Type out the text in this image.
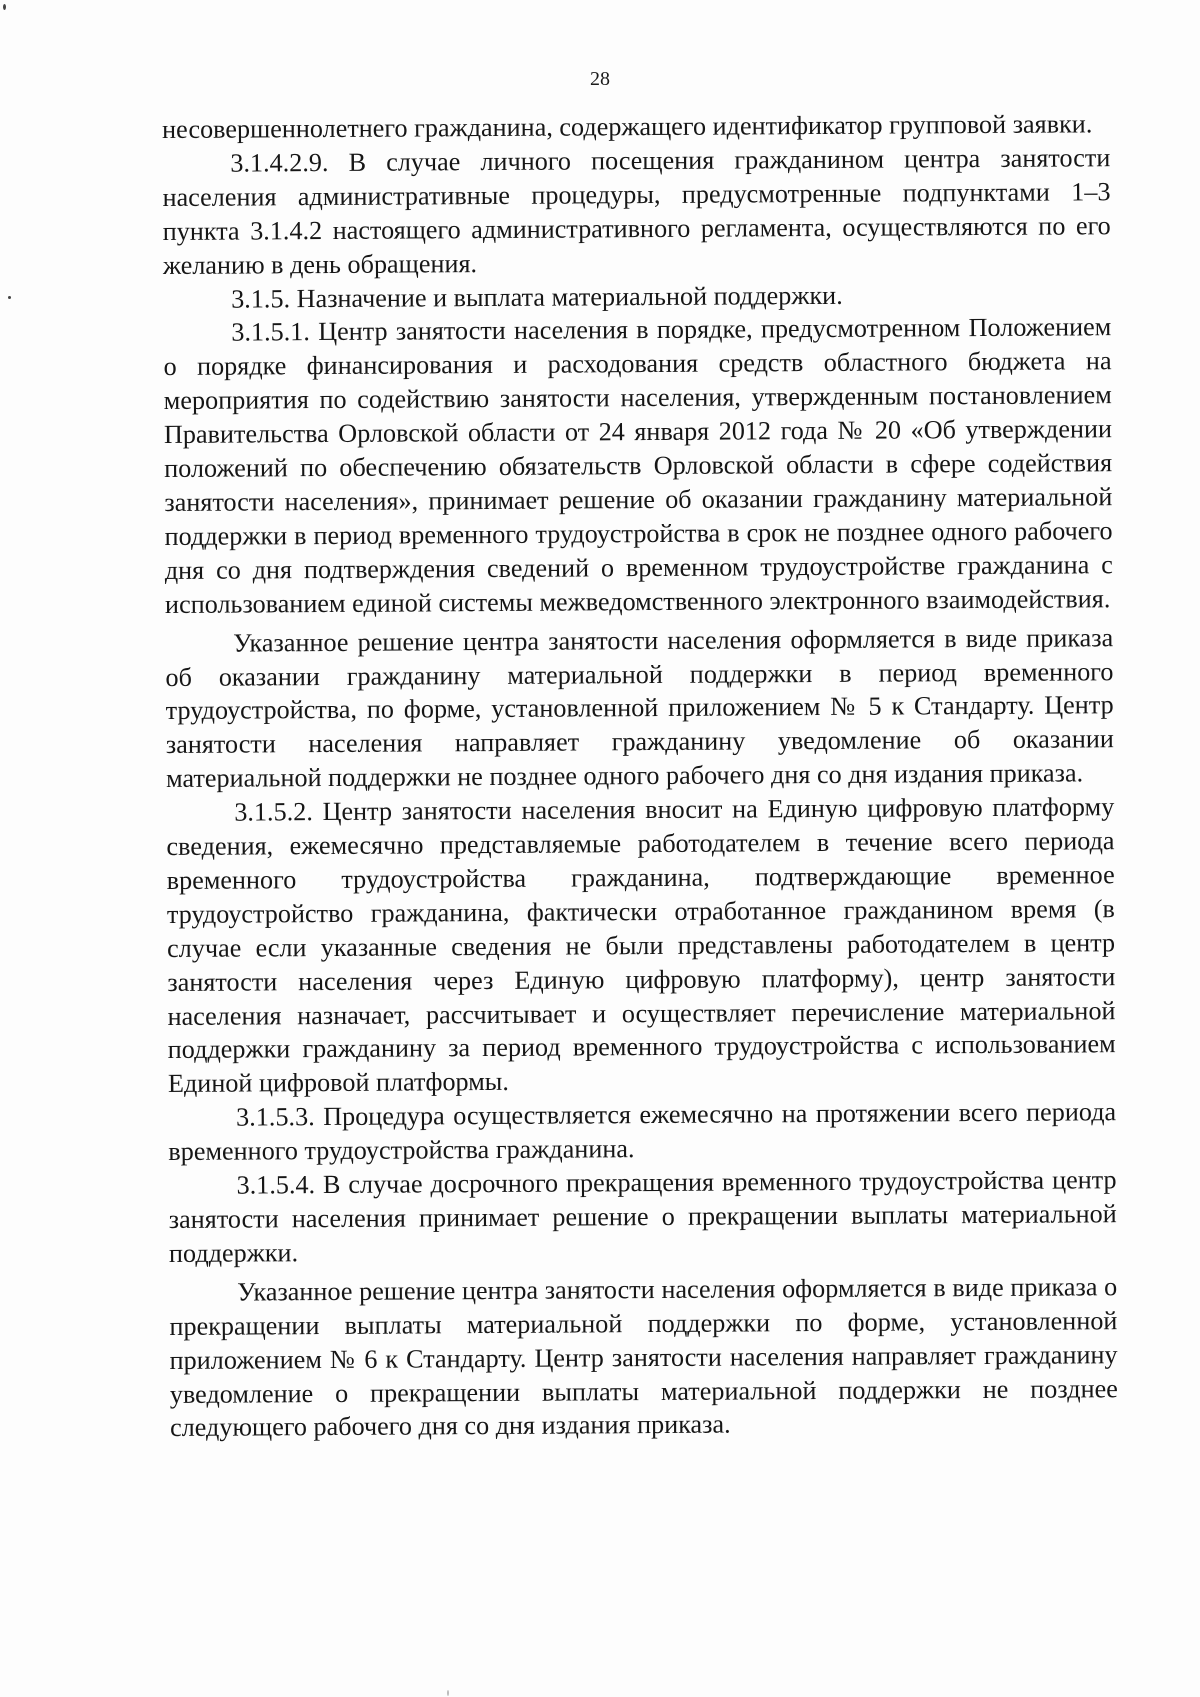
28

несовершеннолетнего гражданина, содержащего идентификатор групповой заявки.

3.1.4.2.9. В случае личного посещения гражданином центра занятости населения административные процедуры, предусмотренные подпунктами 1–3 пункта 3.1.4.2 настоящего административного регламента, осуществляются по его желанию в день обращения.

3.1.5. Назначение и выплата материальной поддержки.

3.1.5.1. Центр занятости населения в порядке, предусмотренном Положением о порядке финансирования и расходования средств областного бюджета на мероприятия по содействию занятости населения, утвержденным постановлением Правительства Орловской области от 24 января 2012 года № 20 «Об утверждении положений по обеспечению обязательств Орловской области в сфере содействия занятости населения», принимает решение об оказании гражданину материальной поддержки в период временного трудоустройства в срок не позднее одного рабочего дня со дня подтверждения сведений о временном трудоустройстве гражданина с использованием единой системы межведомственного электронного взаимодействия.

Указанное решение центра занятости населения оформляется в виде приказа об оказании гражданину материальной поддержки в период временного трудоустройства, по форме, установленной приложением № 5 к Стандарту. Центр занятости населения направляет гражданину уведомление об оказании материальной поддержки не позднее одного рабочего дня со дня издания приказа.

3.1.5.2. Центр занятости населения вносит на Единую цифровую платформу сведения, ежемесячно представляемые работодателем в течение всего периода временного трудоустройства гражданина, подтверждающие временное трудоустройство гражданина, фактически отработанное гражданином время (в случае если указанные сведения не были представлены работодателем в центр занятости населения через Единую цифровую платформу), центр занятости населения назначает, рассчитывает и осуществляет перечисление материальной поддержки гражданину за период временного трудоустройства с использованием Единой цифровой платформы.

3.1.5.3. Процедура осуществляется ежемесячно на протяжении всего периода временного трудоустройства гражданина.

3.1.5.4. В случае досрочного прекращения временного трудоустройства центр занятости населения принимает решение о прекращении выплаты материальной поддержки.

Указанное решение центра занятости населения оформляется в виде приказа о прекращении выплаты материальной поддержки по форме, установленной приложением № 6 к Стандарту. Центр занятости населения направляет гражданину уведомление о прекращении выплаты материальной поддержки не позднее следующего рабочего дня со дня издания приказа.
